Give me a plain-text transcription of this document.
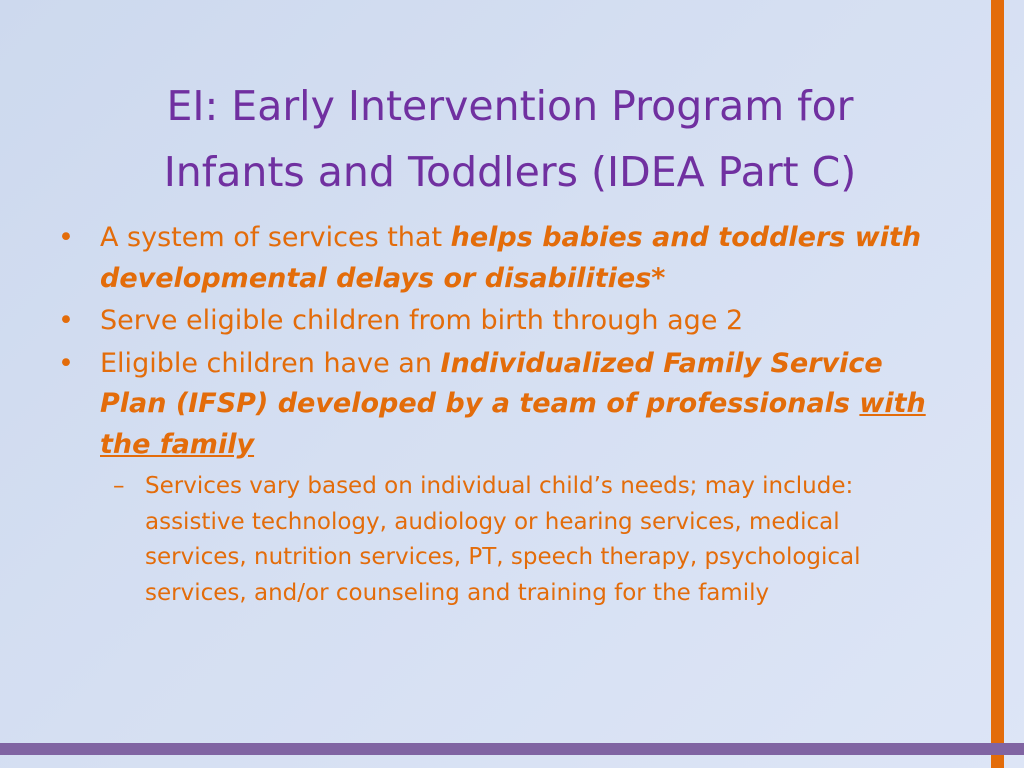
EI: Early Intervention Program for
Infants and Toddlers (IDEA Part C)
• A system of services that helps babies and toddlers with developmental delays or disabilities*
• Serve eligible children from birth through age 2
• Eligible children have an Individualized Family Service Plan (IFSP) developed by a team of professionals with the family
– Services vary based on individual child’s needs; may include: assistive technology, audiology or hearing services, medical services, nutrition services, PT, speech therapy, psychological services, and/or counseling and training for the family
